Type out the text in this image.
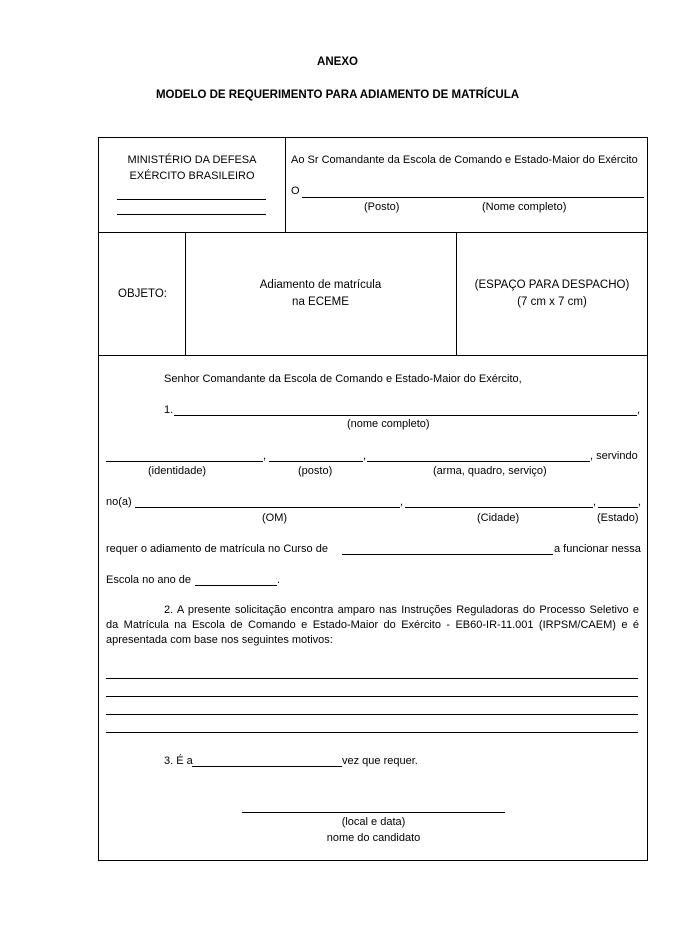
ANEXO
MODELO DE REQUERIMENTO PARA ADIAMENTO DE MATRÍCULA
MINISTÉRIO DA DEFESA
EXÉRCITO BRASILEIRO
Ao Sr Comandante da Escola de Comando e Estado-Maior do Exército
O
(Posto)	(Nome completo)
OBJETO:
Adiamento de matrícula
na ECEME
(ESPAÇO PARA DESPACHO)
(7 cm x 7 cm)
Senhor Comandante da Escola de Comando e Estado-Maior do Exército,
1.	,
(nome completo)
,	,	, servindo
(identidade)	(posto)	(arma, quadro, serviço)
no(a)	,	,	,
(OM)	(Cidade)	(Estado)
requer o adiamento de matrícula no Curso de	a funcionar nessa
Escola no ano de	.
2. A presente solicitação encontra amparo nas Instruções Reguladoras do Processo Seletivo e da Matrícula na Escola de Comando e Estado-Maior do Exército - EB60-IR-11.001 (IRPSM/CAEM) e é apresentada com base nos seguintes motivos:
3. É a	vez que requer.
(local e data)
nome do candidato
